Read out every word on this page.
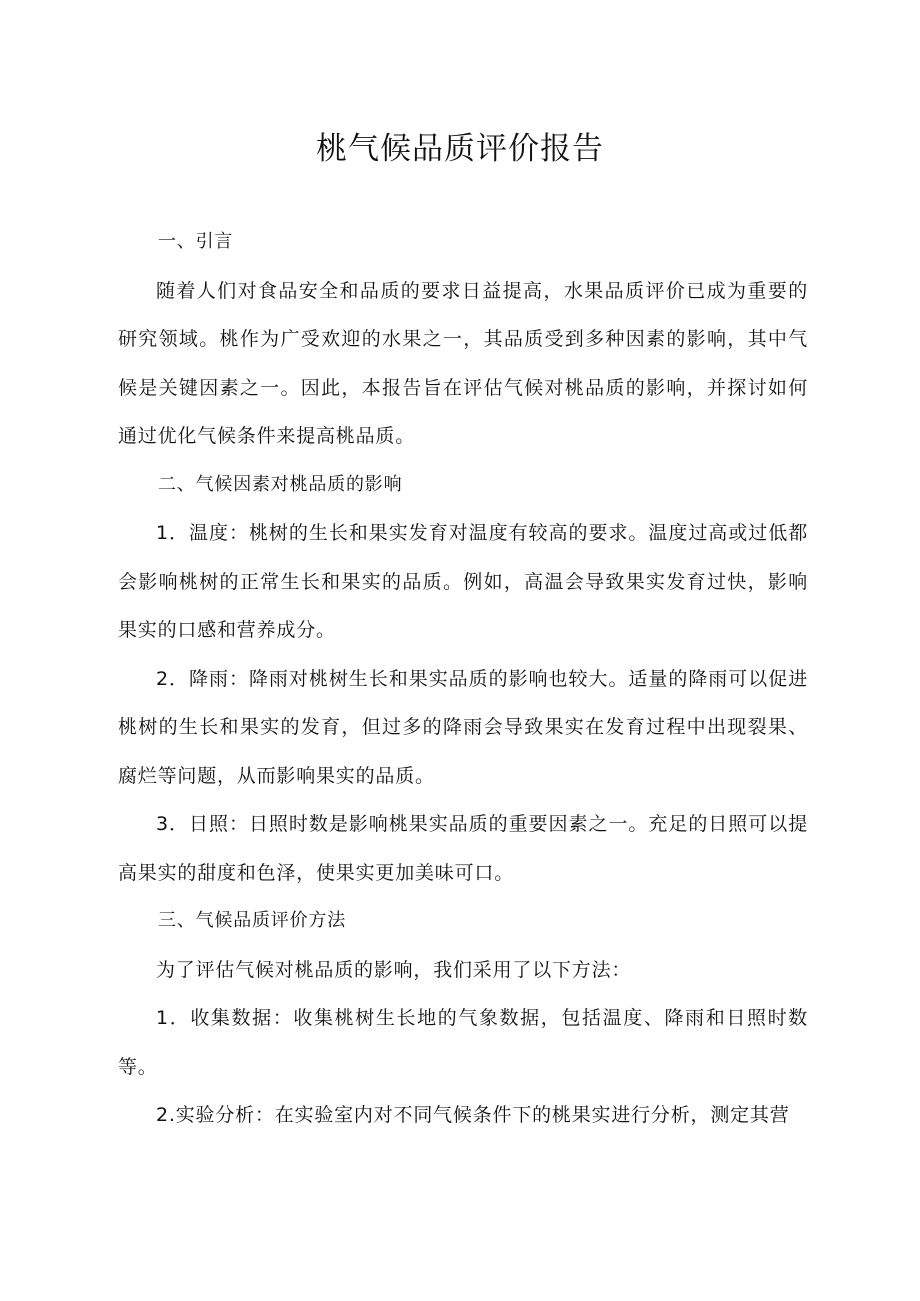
桃气候品质评价报告

一、引言

随着人们对食品安全和品质的要求日益提高，水果品质评价已成为重要的研究领域。桃作为广受欢迎的水果之一，其品质受到多种因素的影响，其中气候是关键因素之一。因此，本报告旨在评估气候对桃品质的影响，并探讨如何通过优化气候条件来提高桃品质。

二、气候因素对桃品质的影响

1．温度：桃树的生长和果实发育对温度有较高的要求。温度过高或过低都会影响桃树的正常生长和果实的品质。例如，高温会导致果实发育过快，影响果实的口感和营养成分。

2．降雨：降雨对桃树生长和果实品质的影响也较大。适量的降雨可以促进桃树的生长和果实的发育，但过多的降雨会导致果实在发育过程中出现裂果、腐烂等问题，从而影响果实的品质。

3．日照：日照时数是影响桃果实品质的重要因素之一。充足的日照可以提高果实的甜度和色泽，使果实更加美味可口。

三、气候品质评价方法

为了评估气候对桃品质的影响，我们采用了以下方法：

1．收集数据：收集桃树生长地的气象数据，包括温度、降雨和日照时数等。

2.实验分析：在实验室内对不同气候条件下的桃果实进行分析，测定其营
